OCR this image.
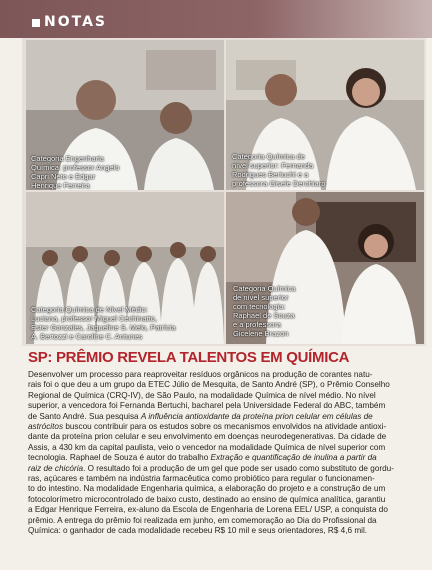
NOTAS
Categoria Engenharia
Química: professor Angelo
Capri Neto e Edgar
Henrique Ferreira
Categoria Química de
nível superior: Fernanda
Rodrigues Bertuchi e a
professora Gisele Derchiaro
Categoria Química de Nível Médio:
Luciana, professor Miguel Cechinatto,
Ester Gonzales, Jaqueline S. Melo, Patrícia
A. Bertozzi e Caroline C. Antunes
Categoria Química
de nível superior
com tecnologia:
Raphael de Souza
e a professora
Gicelene Brazon
SP: PRÊMIO REVELA TALENTOS EM QUÍMICA

Desenvolver um processo para reaproveitar resíduos orgânicos na produção de corantes natu-
rais foi o que deu a um grupo da ETEC Júlio de Mesquita, de Santo André (SP), o Prêmio Conselho
Regional de Química (CRQ-IV), de São Paulo, na modalidade Química de nível médio. No nível
superior, a vencedora foi Fernanda Bertuchi, bacharel pela Universidade Federal do ABC, também
de Santo André. Sua pesquisa A influência antioxidante da proteína prion celular em células de
astrócitos buscou contribuir para os estudos sobre os mecanismos envolvidos na atividade antioxi-
dante da proteína prion celular e seu envolvimento em doenças neurodegenerativas. Da cidade de
Assis, a 430 km da capital paulista, veio o vencedor na modalidade Química de nível superior com
tecnologia. Raphael de Souza é autor do trabalho Extração e quantificação de inulina a partir da
raiz de chicória. O resultado foi a produção de um gel que pode ser usado como substituto de gordu-
ras, açúcares e também na indústria farmacêutica como probiótico para regular o funcionamen-
to do intestino. Na modalidade Engenharia química, a elaboração do projeto e a construção de um
fotocolorímetro microcontrolado de baixo custo, destinado ao ensino de química analítica, garantiu
a Edgar Henrique Ferreira, ex-aluno da Escola de Engenharia de Lorena EEL/ USP, a conquista do
prêmio. A entrega do prêmio foi realizada em junho, em comemoração ao Dia do Profissional da
Química: o ganhador de cada modalidade recebeu R$ 10 mil e seus orientadores, R$ 4,6 mil.
